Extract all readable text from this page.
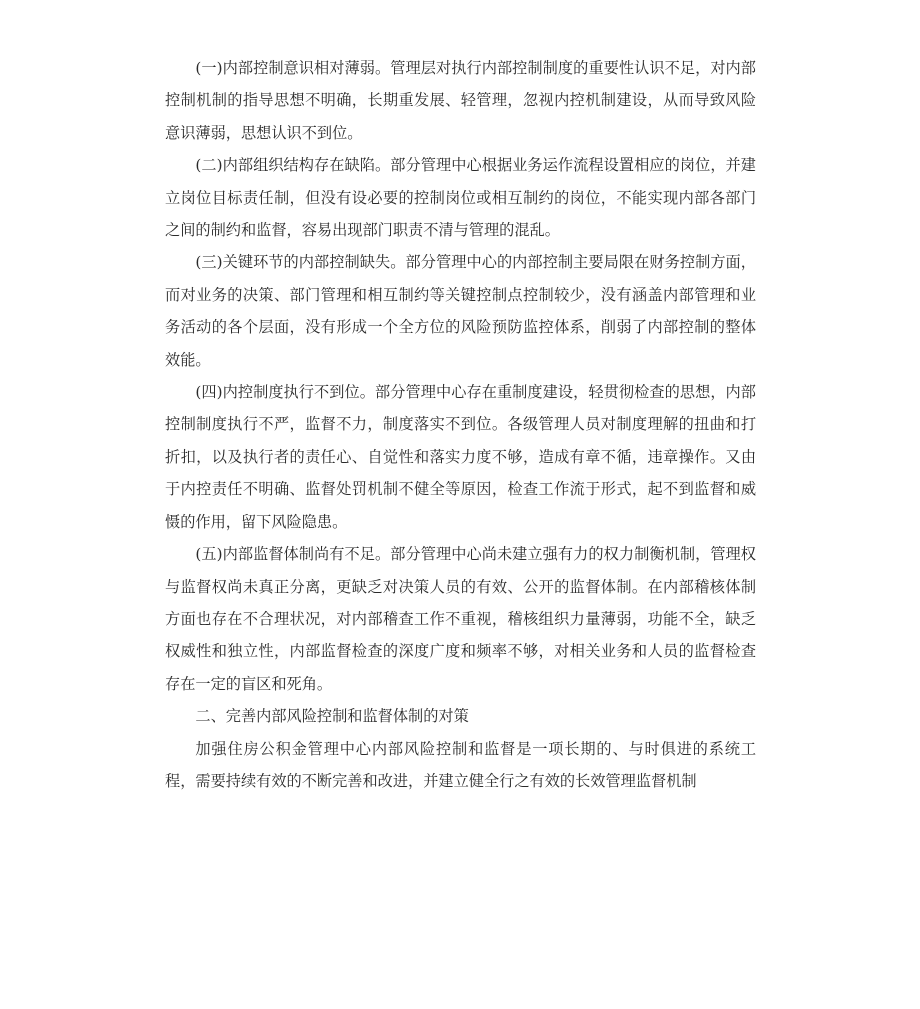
(一)内部控制意识相对薄弱。管理层对执行内部控制制度的重要性认识不足，对内部控制机制的指导思想不明确，长期重发展、轻管理，忽视内控机制建设，从而导致风险意识薄弱，思想认识不到位。

(二)内部组织结构存在缺陷。部分管理中心根据业务运作流程设置相应的岗位，并建立岗位目标责任制，但没有设必要的控制岗位或相互制约的岗位，不能实现内部各部门之间的制约和监督，容易出现部门职责不清与管理的混乱。

(三)关键环节的内部控制缺失。部分管理中心的内部控制主要局限在财务控制方面，而对业务的决策、部门管理和相互制约等关键控制点控制较少，没有涵盖内部管理和业务活动的各个层面，没有形成一个全方位的风险预防监控体系，削弱了内部控制的整体效能。

(四)内控制度执行不到位。部分管理中心存在重制度建设，轻贯彻检查的思想，内部控制制度执行不严，监督不力，制度落实不到位。各级管理人员对制度理解的扭曲和打折扣，以及执行者的责任心、自觉性和落实力度不够，造成有章不循，违章操作。又由于内控责任不明确、监督处罚机制不健全等原因，检查工作流于形式，起不到监督和威慑的作用，留下风险隐患。

(五)内部监督体制尚有不足。部分管理中心尚未建立强有力的权力制衡机制，管理权与监督权尚未真正分离，更缺乏对决策人员的有效、公开的监督体制。在内部稽核体制方面也存在不合理状况，对内部稽查工作不重视，稽核组织力量薄弱，功能不全，缺乏权威性和独立性，内部监督检查的深度广度和频率不够，对相关业务和人员的监督检查存在一定的盲区和死角。

二、完善内部风险控制和监督体制的对策

加强住房公积金管理中心内部风险控制和监督是一项长期的、与时俱进的系统工程，需要持续有效的不断完善和改进，并建立健全行之有效的长效管理监督机制
